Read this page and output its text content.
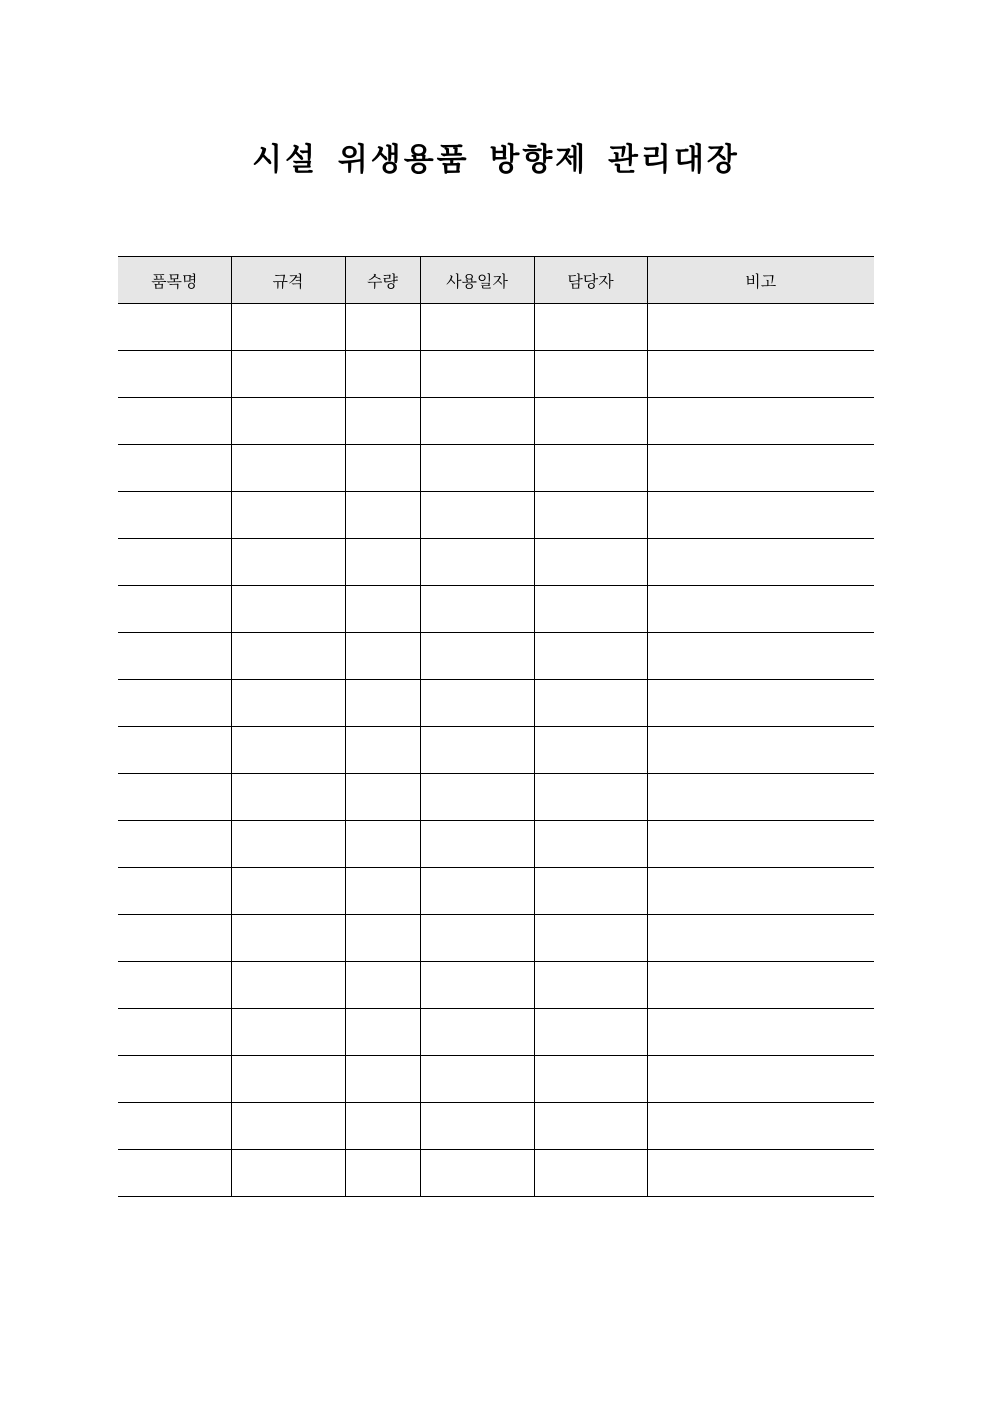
시설 위생용품 방향제 관리대장
품목명	규격	수량	사용일자	담당자	비고
